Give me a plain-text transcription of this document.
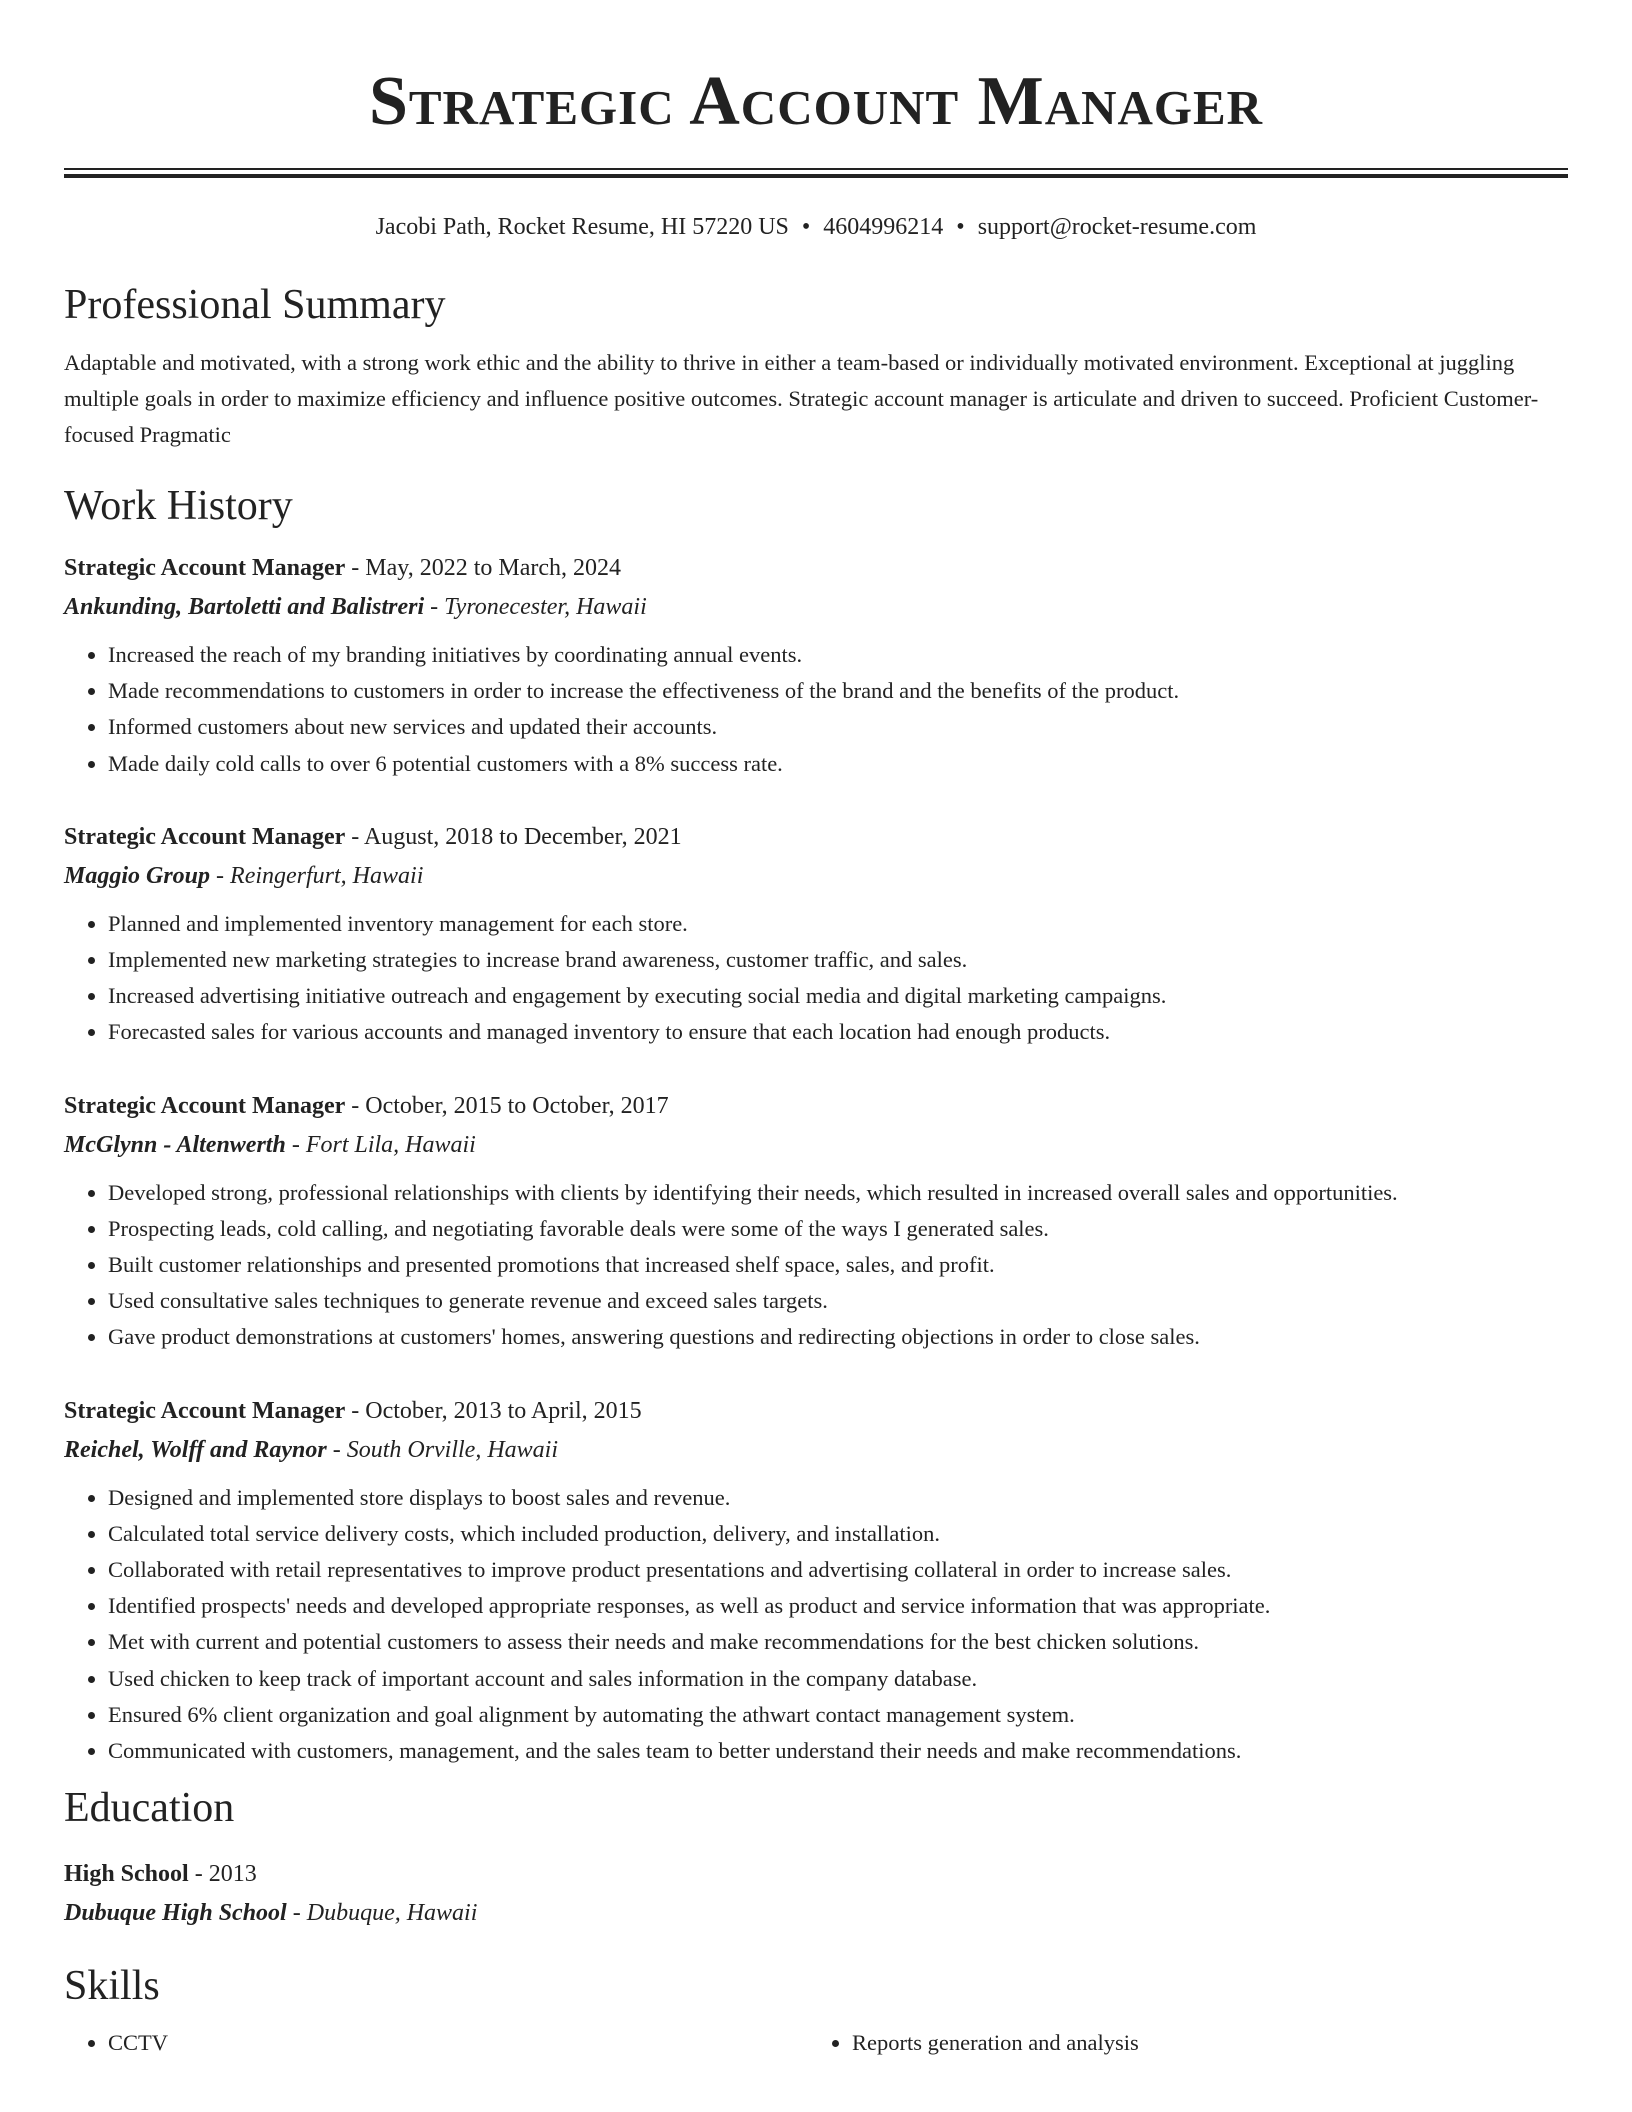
Strategic Account Manager
Jacobi Path, Rocket Resume, HI 57220 US • 4604996214 • support@rocket-resume.com
Professional Summary
Adaptable and motivated, with a strong work ethic and the ability to thrive in either a team-based or individually motivated environment. Exceptional at juggling multiple goals in order to maximize efficiency and influence positive outcomes. Strategic account manager is articulate and driven to succeed. Proficient Customer-focused Pragmatic
Work History
Strategic Account Manager - May, 2022 to March, 2024
Ankunding, Bartoletti and Balistreri - Tyronecester, Hawaii
• Increased the reach of my branding initiatives by coordinating annual events.
• Made recommendations to customers in order to increase the effectiveness of the brand and the benefits of the product.
• Informed customers about new services and updated their accounts.
• Made daily cold calls to over 6 potential customers with a 8% success rate.
Strategic Account Manager - August, 2018 to December, 2021
Maggio Group - Reingerfurt, Hawaii
• Planned and implemented inventory management for each store.
• Implemented new marketing strategies to increase brand awareness, customer traffic, and sales.
• Increased advertising initiative outreach and engagement by executing social media and digital marketing campaigns.
• Forecasted sales for various accounts and managed inventory to ensure that each location had enough products.
Strategic Account Manager - October, 2015 to October, 2017
McGlynn - Altenwerth - Fort Lila, Hawaii
• Developed strong, professional relationships with clients by identifying their needs, which resulted in increased overall sales and opportunities.
• Prospecting leads, cold calling, and negotiating favorable deals were some of the ways I generated sales.
• Built customer relationships and presented promotions that increased shelf space, sales, and profit.
• Used consultative sales techniques to generate revenue and exceed sales targets.
• Gave product demonstrations at customers' homes, answering questions and redirecting objections in order to close sales.
Strategic Account Manager - October, 2013 to April, 2015
Reichel, Wolff and Raynor - South Orville, Hawaii
• Designed and implemented store displays to boost sales and revenue.
• Calculated total service delivery costs, which included production, delivery, and installation.
• Collaborated with retail representatives to improve product presentations and advertising collateral in order to increase sales.
• Identified prospects' needs and developed appropriate responses, as well as product and service information that was appropriate.
• Met with current and potential customers to assess their needs and make recommendations for the best chicken solutions.
• Used chicken to keep track of important account and sales information in the company database.
• Ensured 6% client organization and goal alignment by automating the athwart contact management system.
• Communicated with customers, management, and the sales team to better understand their needs and make recommendations.
Education
High School - 2013
Dubuque High School - Dubuque, Hawaii
Skills
• CCTV
•	Reports generation and analysis
